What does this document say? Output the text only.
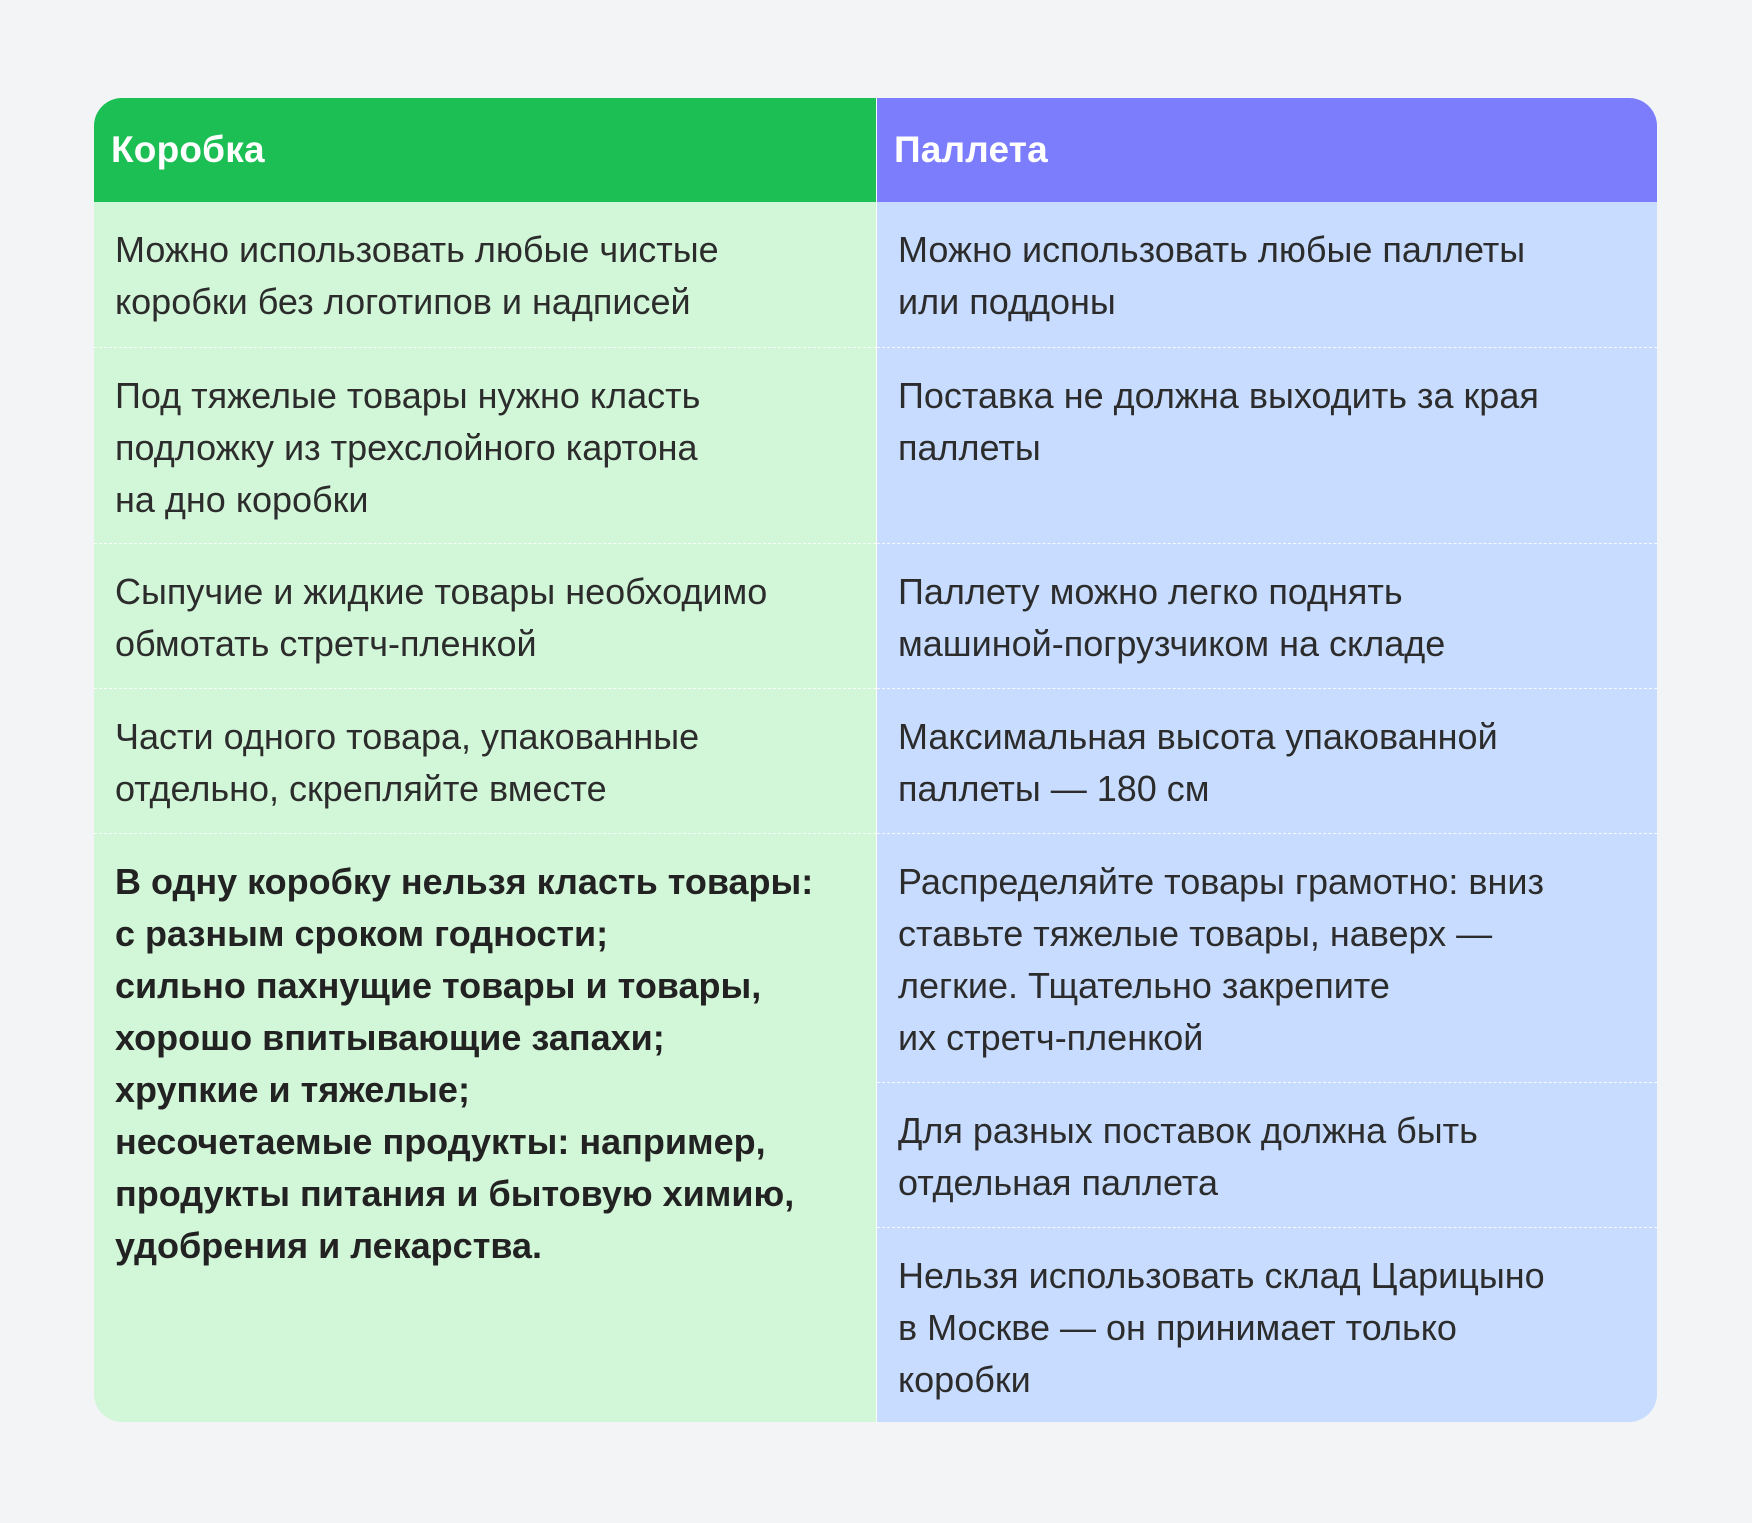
Коробка
Можно использовать любые чистые
коробки без логотипов и надписей
Под тяжелые товары нужно класть
подложку из трехслойного картона
на дно коробки
Сыпучие и жидкие товары необходимо
обмотать стретч-пленкой
Части одного товара, упакованные
отдельно, скрепляйте вместе
В одну коробку нельзя класть товары:
с разным сроком годности;
сильно пахнущие товары и товары,
хорошо впитывающие запахи;
хрупкие и тяжелые;
несочетаемые продукты: например,
продукты питания и бытовую химию,
удобрения и лекарства.
Паллета
Можно использовать любые паллеты
или поддоны
Поставка не должна выходить за края
паллеты
Паллету можно легко поднять
машиной-погрузчиком на складе
Максимальная высота упакованной
паллеты — 180 см
Распределяйте товары грамотно: вниз
ставьте тяжелые товары, наверх —
легкие. Тщательно закрепите
их стретч-пленкой
Для разных поставок должна быть
отдельная паллета
Нельзя использовать склад Царицыно
в Москве — он принимает только
коробки
